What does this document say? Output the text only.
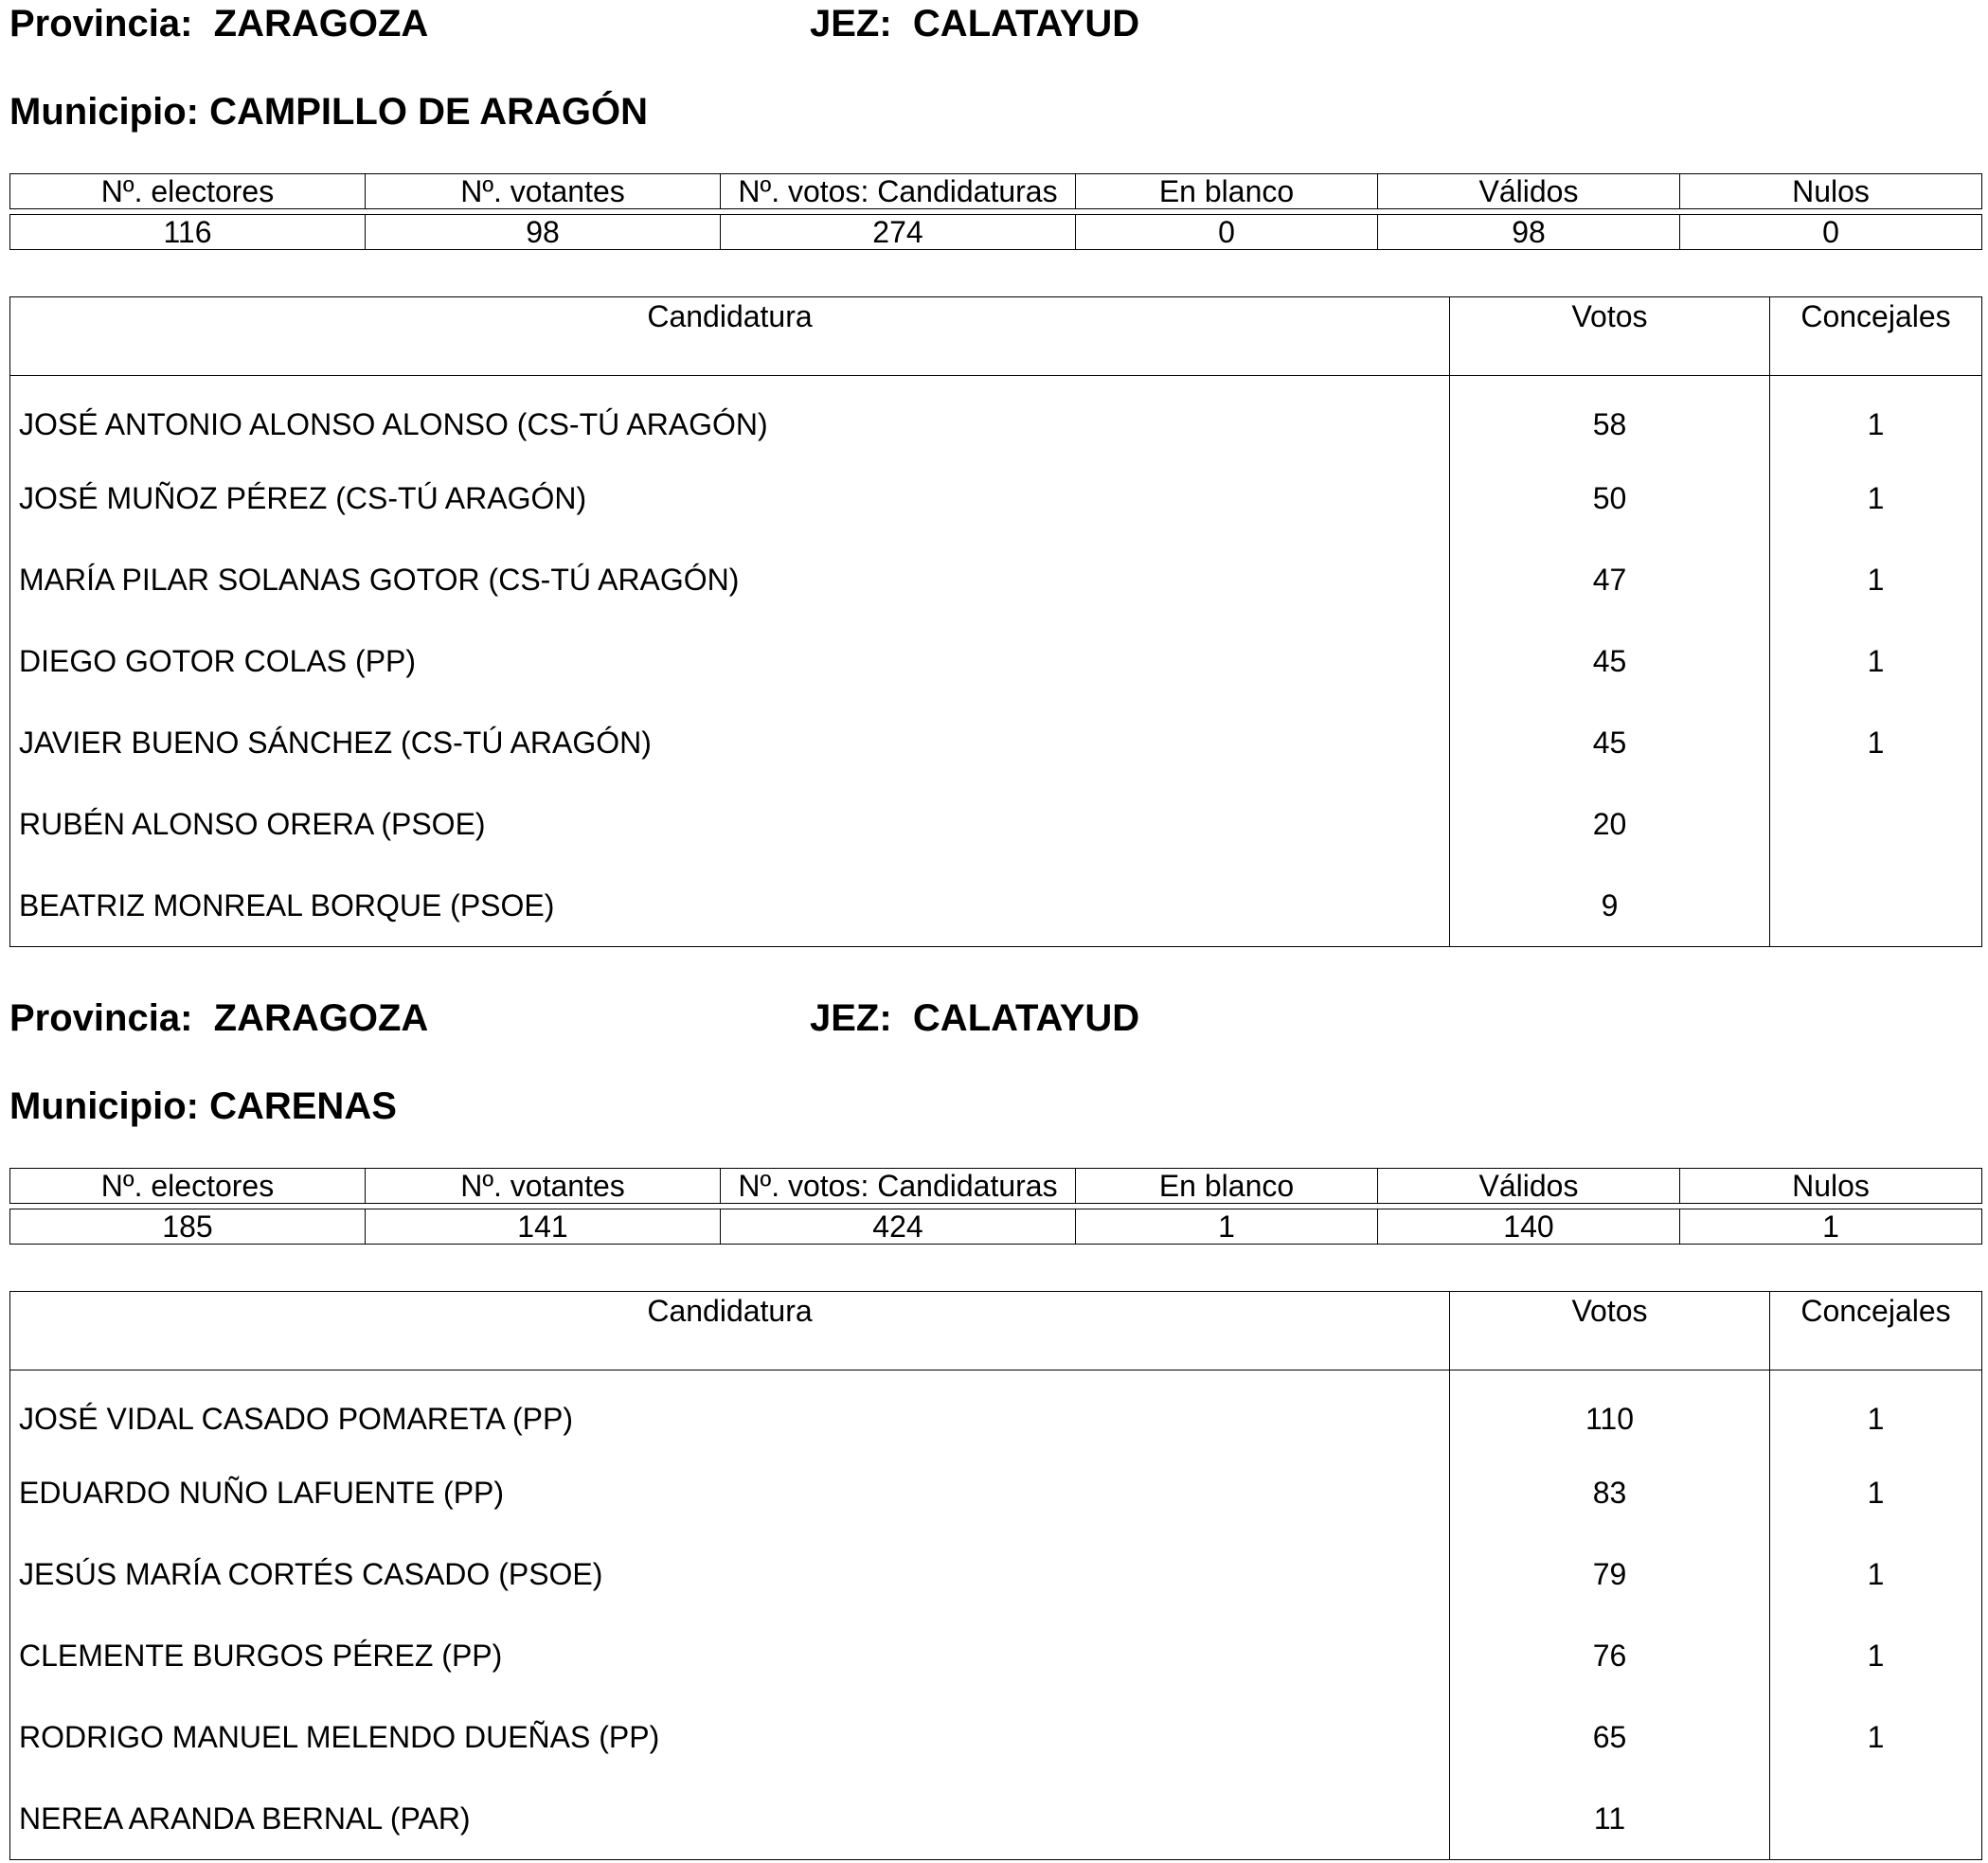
Provincia: ZARAGOZA	JEZ: CALATAYUD
Municipio: CAMPILLO DE ARAGÓN
Nº. electores	Nº. votantes	Nº. votos: Candidaturas	En blanco	Válidos	Nulos

116	98	274	0	98	0
Candidatura	Votos	Concejales
JOSÉ ANTONIO ALONSO ALONSO (CS-TÚ ARAGÓN)	58	1
JOSÉ MUÑOZ PÉREZ (CS-TÚ ARAGÓN)	50	1
MARÍA PILAR SOLANAS GOTOR (CS-TÚ ARAGÓN)	47	1
DIEGO GOTOR COLAS (PP)	45	1
JAVIER BUENO SÁNCHEZ (CS-TÚ ARAGÓN)	45	1
RUBÉN ALONSO ORERA (PSOE)	20	
BEATRIZ MONREAL BORQUE (PSOE)	9	
Provincia: ZARAGOZA	JEZ: CALATAYUD
Municipio: CARENAS
Nº. electores	Nº. votantes	Nº. votos: Candidaturas	En blanco	Válidos	Nulos

185	141	424	1	140	1
Candidatura	Votos	Concejales
JOSÉ VIDAL CASADO POMARETA (PP)	110	1
EDUARDO NUÑO LAFUENTE (PP)	83	1
JESÚS MARÍA CORTÉS CASADO (PSOE)	79	1
CLEMENTE BURGOS PÉREZ (PP)	76	1
RODRIGO MANUEL MELENDO DUEÑAS (PP)	65	1
NEREA ARANDA BERNAL (PAR)	11	
